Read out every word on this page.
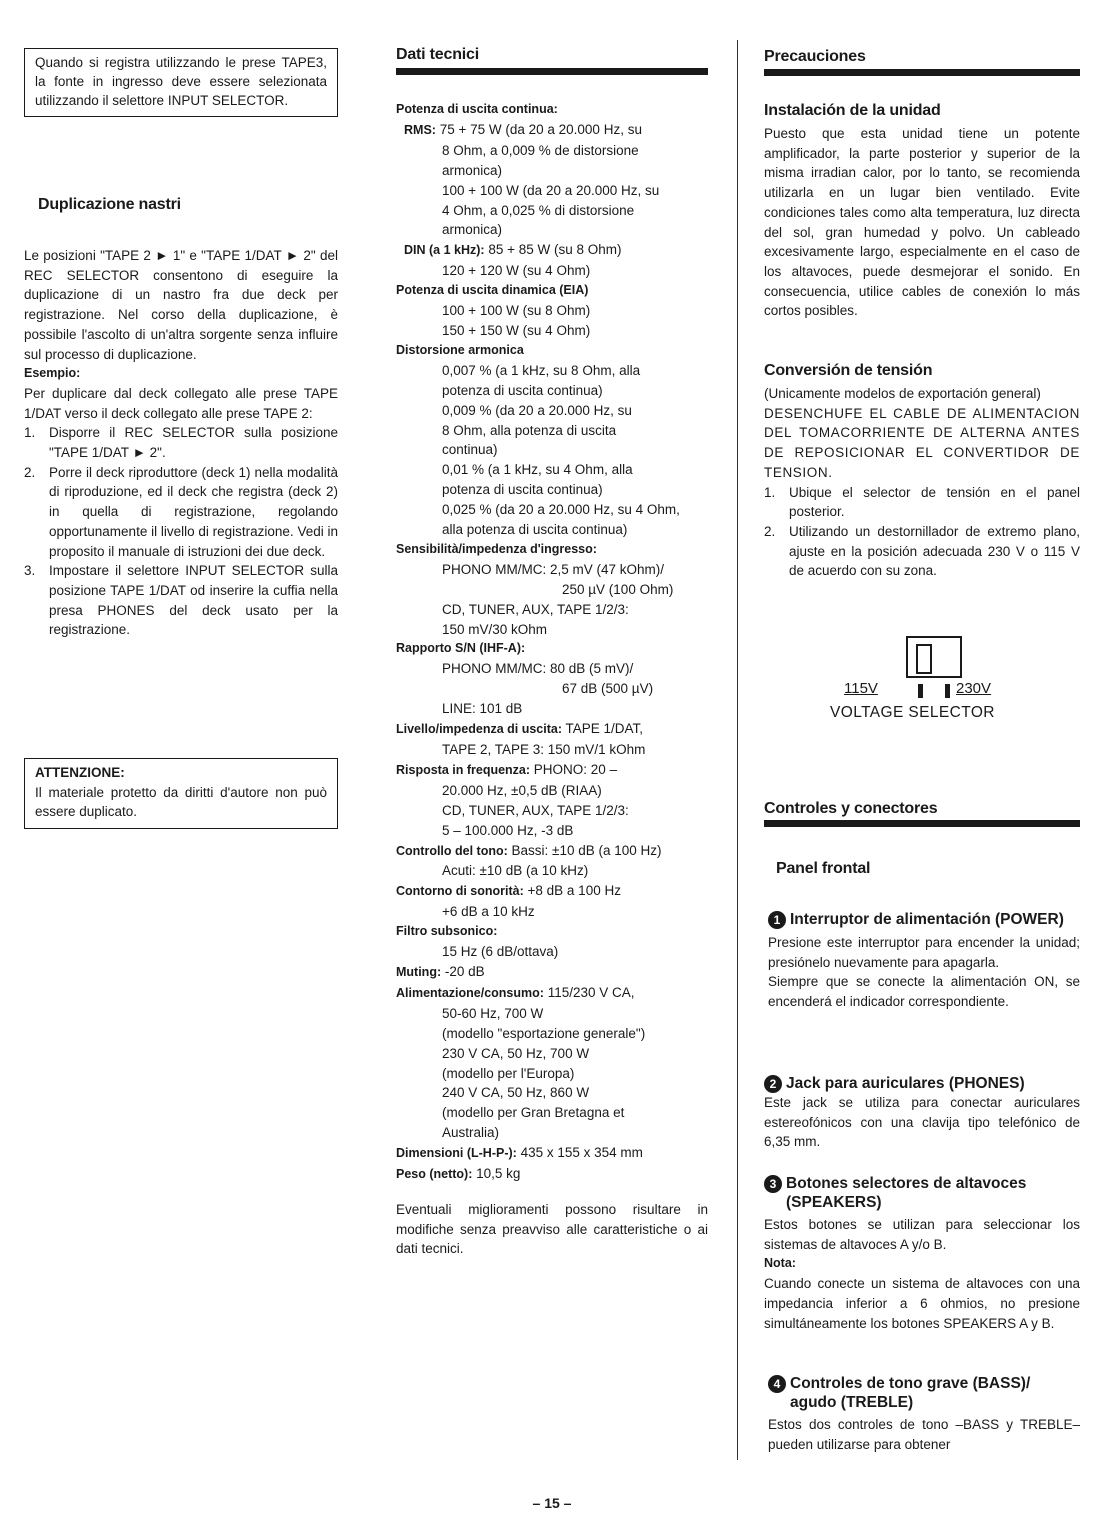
Quando si registra utilizzando le prese TAPE3, la fonte in ingresso deve essere selezionata utilizzando il selettore INPUT SELECTOR.

Duplicazione nastri

Le posizioni "TAPE 2 ► 1" e "TAPE 1/DAT ► 2" del REC SELECTOR consentono di eseguire la duplicazione di un nastro fra due deck per registrazione. Nel corso della duplicazione, è possibile l'ascolto di un'altra sorgente senza influire sul processo di duplicazione.

Esempio:

Per duplicare dal deck collegato alle prese TAPE 1/DAT verso il deck collegato alle prese TAPE 2:

1. Disporre il REC SELECTOR sulla posizione "TAPE 1/DAT ► 2".
2. Porre il deck riproduttore (deck 1) nella modalità di riproduzione, ed il deck che registra (deck 2) in quella di registrazione, regolando opportunamente il livello di registrazione. Vedi in proposito il manuale di istruzioni dei due deck.
3. Impostare il selettore INPUT SELECTOR sulla posizione TAPE 1/DAT od inserire la cuffia nella presa PHONES del deck usato per la registrazione.

ATTENZIONE:

Il materiale protetto da diritti d'autore non può essere duplicato.

Dati tecnici
Potenza di uscita continua:
RMS: 75 + 75 W (da 20 a 20.000 Hz, su
8 Ohm, a 0,009 % de distorsione
armonica)
100 + 100 W (da 20 a 20.000 Hz, su
4 Ohm, a 0,025 % di distorsione
armonica)
DIN (a 1 kHz): 85 + 85 W (su 8 Ohm)
120 + 120 W (su 4 Ohm)
Potenza di uscita dinamica (EIA)
100 + 100 W (su 8 Ohm)
150 + 150 W (su 4 Ohm)
Distorsione armonica
0,007 % (a 1 kHz, su 8 Ohm, alla
potenza di uscita continua)
0,009 % (da 20 a 20.000 Hz, su
8 Ohm, alla potenza di uscita
continua)
0,01 % (a 1 kHz, su 4 Ohm, alla
potenza di uscita continua)
0,025 % (da 20 a 20.000 Hz, su 4 Ohm,
alla potenza di uscita continua)
Sensibilità/impedenza d'ingresso:
PHONO MM/MC: 2,5 mV (47 kOhm)/
250 µV (100 Ohm)
CD, TUNER, AUX, TAPE 1/2/3:
150 mV/30 kOhm
Rapporto S/N (IHF-A):
PHONO MM/MC: 80 dB (5 mV)/
67 dB (500 µV)
LINE: 101 dB
Livello/impedenza di uscita: TAPE 1/DAT,
TAPE 2, TAPE 3: 150 mV/1 kOhm
Risposta in frequenza: PHONO: 20 –
20.000 Hz, ±0,5 dB (RIAA)
CD, TUNER, AUX, TAPE 1/2/3:
5 – 100.000 Hz, -3 dB
Controllo del tono: Bassi: ±10 dB (a 100 Hz)
Acuti: ±10 dB (a 10 kHz)
Contorno di sonorità: +8 dB a 100 Hz
+6 dB a 10 kHz
Filtro subsonico:
15 Hz (6 dB/ottava)
Muting: -20 dB
Alimentazione/consumo: 115/230 V CA,
50-60 Hz, 700 W
(modello "esportazione generale")
230 V CA, 50 Hz, 700 W
(modello per l'Europa)
240 V CA, 50 Hz, 860 W
(modello per Gran Bretagna et
Australia)
Dimensioni (L-H-P-): 435 x 155 x 354 mm
Peso (netto): 10,5 kg

Eventuali miglioramenti possono risultare in modifiche senza preavviso alle caratteristiche o ai dati tecnici.

Precauciones
Instalación de la unidad

Puesto que esta unidad tiene un potente amplificador, la parte posterior y superior de la misma irradian calor, por lo tanto, se recomienda utilizarla en un lugar bien ventilado. Evite condiciones tales como alta temperatura, luz directa del sol, gran humedad y polvo. Un cableado excesivamente largo, especialmente en el caso de los altavoces, puede desmejorar el sonido. En consecuencia, utilice cables de conexión lo más cortos posibles.

Conversión de tensión

(Unicamente modelos de exportación general)

DESENCHUFE EL CABLE DE ALIMENTACION DEL TOMACORRIENTE DE ALTERNA ANTES DE REPOSICIONAR EL CONVERTIDOR DE TENSION.

1. Ubique el selector de tensión en el panel posterior.
2. Utilizando un destornillador de extremo plano, ajuste en la posición adecuada 230 V o 115 V de acuerdo con su zona.
115V	230V
VOLTAGE SELECTOR
Controles y conectores
Panel frontal
1 Interruptor de alimentación (POWER)

Presione este interruptor para encender la unidad; presiónelo nuevamente para apagarla.

Siempre que se conecte la alimentación ON, se encenderá el indicador correspondiente.

2 Jack para auriculares (PHONES)

Este jack se utiliza para conectar auriculares estereofónicos con una clavija tipo telefónico de 6,35 mm.

3 Botones selectores de altavoces (SPEAKERS)

Estos botones se utilizan para seleccionar los sistemas de altavoces A y/o B.

Nota:

Cuando conecte un sistema de altavoces con una impedancia inferior a 6 ohmios, no presione simultáneamente los botones SPEAKERS A y B.

4 Controles de tono grave (BASS)/ agudo (TREBLE)

Estos dos controles de tono –BASS y TREBLE– pueden utilizarse para obtener

– 15 –
